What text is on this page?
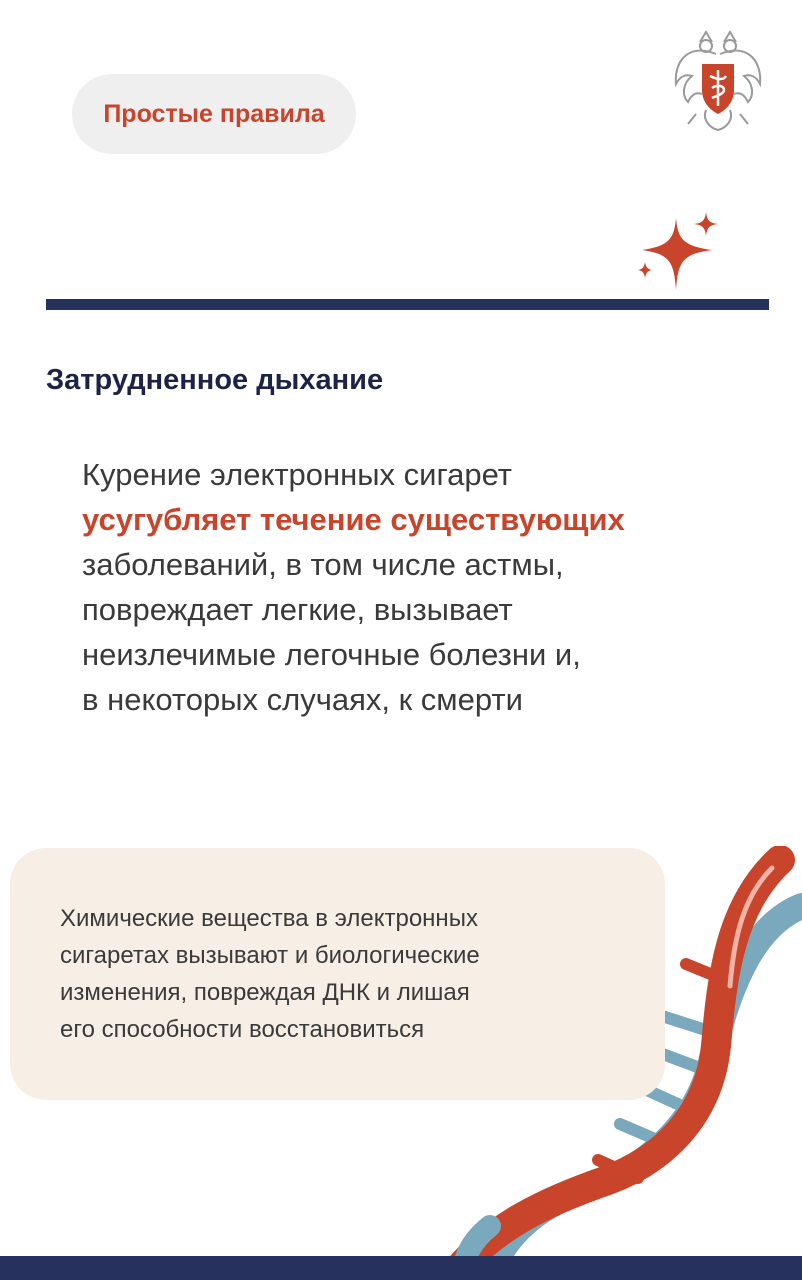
Простые правила
Затрудненное дыхание
Курение электронных сигарет
усугубляет течение существующих
заболеваний, в том числе астмы,
повреждает легкие, вызывает
неизлечимые легочные болезни и,
в некоторых случаях, к смерти
Химические вещества в электронных
сигаретах вызывают и биологические
изменения, повреждая ДНК и лишая
его способности восстановиться
